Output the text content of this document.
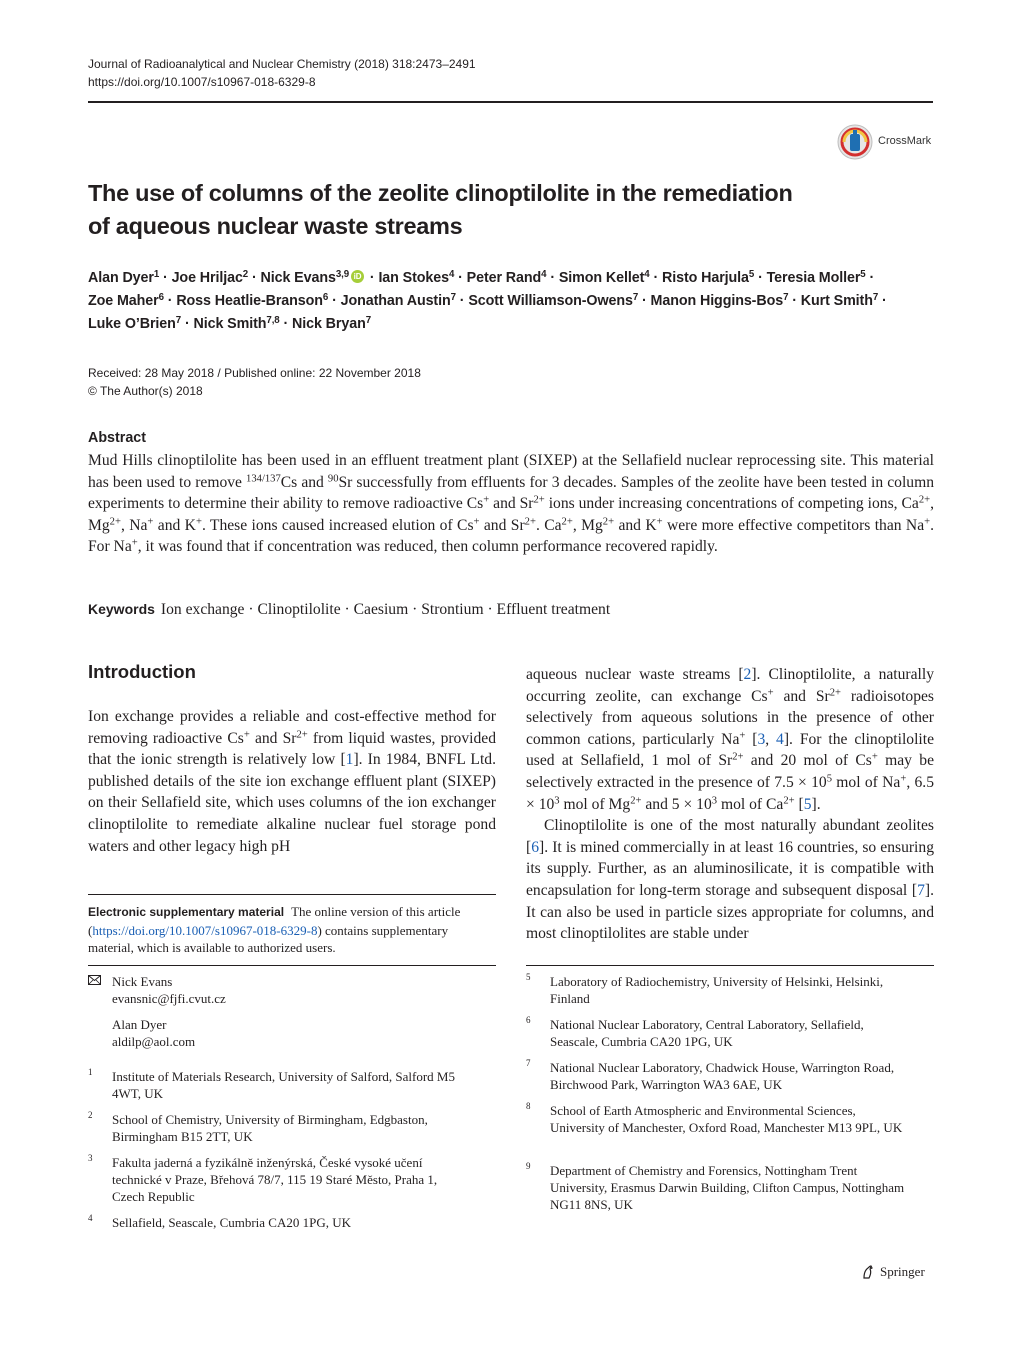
Journal of Radioanalytical and Nuclear Chemistry (2018) 318:2473–2491
https://doi.org/10.1007/s10967-018-6329-8
CrossMark
The use of columns of the zeolite clinoptilolite in the remediation
of aqueous nuclear waste streams
Alan Dyer$^1$ · Joe Hriljac$^2$ · Nick Evans$^{3,9}$ iD · Ian Stokes$^4$ · Peter Rand$^4$ · Simon Kellet$^4$ · Risto Harjula$^5$ · Teresia Moller$^5$ ·
Zoe Maher$^6$ · Ross Heatlie-Branson$^6$ · Jonathan Austin$^7$ · Scott Williamson-Owens$^7$ · Manon Higgins-Bos$^7$ · Kurt Smith$^7$ ·
Luke O’Brien$^7$ · Nick Smith$^{7,8}$ · Nick Bryan$^7$
Received: 28 May 2018 / Published online: 22 November 2018
© The Author(s) 2018
Abstract
Mud Hills clinoptilolite has been used in an effluent treatment plant (SIXEP) at the Sellafield nuclear reprocessing site. This material has been used to remove $^{134/137}$Cs and $^{90}$Sr successfully from effluents for 3 decades. Samples of the zeolite have been tested in column experiments to determine their ability to remove radioactive Cs+ and $Sr^{2+}$ ions under increasing concentrations of competing ions, $Ca^{2+}$, $Mg^{2+}$, Na+ and K+. These ions caused increased elution of Cs+ and $Sr^{2+}$. $Ca^{2+}$, $Mg^{2+}$ and K+ were more effective competitors than Na+. For Na+, it was found that if concentration was reduced, then column performance recovered rapidly.
Keywords Ion exchange · Clinoptilolite · Caesium · Strontium · Effluent treatment
Introduction

Ion exchange provides a reliable and cost-effective method for removing radioactive Cs+ and $Sr^{2+}$ from liquid wastes, provided that the ionic strength is relatively low [1]. In 1984, BNFL Ltd. published details of the site ion exchange effluent plant (SIXEP) on their Sellafield site, which uses columns of the ion exchanger clinoptilolite to remediate alkaline nuclear fuel storage pond waters and other legacy high pH

aqueous nuclear waste streams [2]. Clinoptilolite, a naturally occurring zeolite, can exchange Cs+ and $Sr^{2+}$ radioisotopes selectively from aqueous solutions in the presence of other common cations, particularly Na+ [3, 4]. For the clinoptilolite used at Sellafield, 1 mol of $Sr^{2+}$ and 20 mol of Cs+ may be selectively extracted in the presence of $7.5 \times 10^5$ mol of Na+, $6.5 \times 10^3$ mol of $Mg^{2+}$ and $5 \times 10^3$ mol of $Ca^{2+}$ [5].

Clinoptilolite is one of the most naturally abundant zeolites [6]. It is mined commercially in at least 16 countries, so ensuring its supply. Further, as an aluminosilicate, it is compatible with encapsulation for long-term storage and subsequent disposal [7]. It can also be used in particle sizes appropriate for columns, and most clinoptilolites are stable under

Electronic supplementary material The online version of this article (https://doi.org/10.1007/s10967-018-6329-8) contains supplementary material, which is available to authorized users.
Nick Evans
evansnic@fjfi.cvut.cz
Alan Dyer
aldilp@aol.com
1 Institute of Materials Research, University of Salford, Salford M5 4WT, UK
2 School of Chemistry, University of Birmingham, Edgbaston, Birmingham B15 2TT, UK
3 Fakulta jaderná a fyzikálně inženýrská, České vysoké učení technické v Praze, Břehová 78/7, 115 19 Staré Město, Praha 1, Czech Republic
4 Sellafield, Seascale, Cumbria CA20 1PG, UK
5 Laboratory of Radiochemistry, University of Helsinki, Helsinki, Finland
6 National Nuclear Laboratory, Central Laboratory, Sellafield, Seascale, Cumbria CA20 1PG, UK
7 National Nuclear Laboratory, Chadwick House, Warrington Road, Birchwood Park, Warrington WA3 6AE, UK
8 School of Earth Atmospheric and Environmental Sciences, University of Manchester, Oxford Road, Manchester M13 9PL, UK
9 Department of Chemistry and Forensics, Nottingham Trent University, Erasmus Darwin Building, Clifton Campus, Nottingham NG11 8NS, UK
Springer
